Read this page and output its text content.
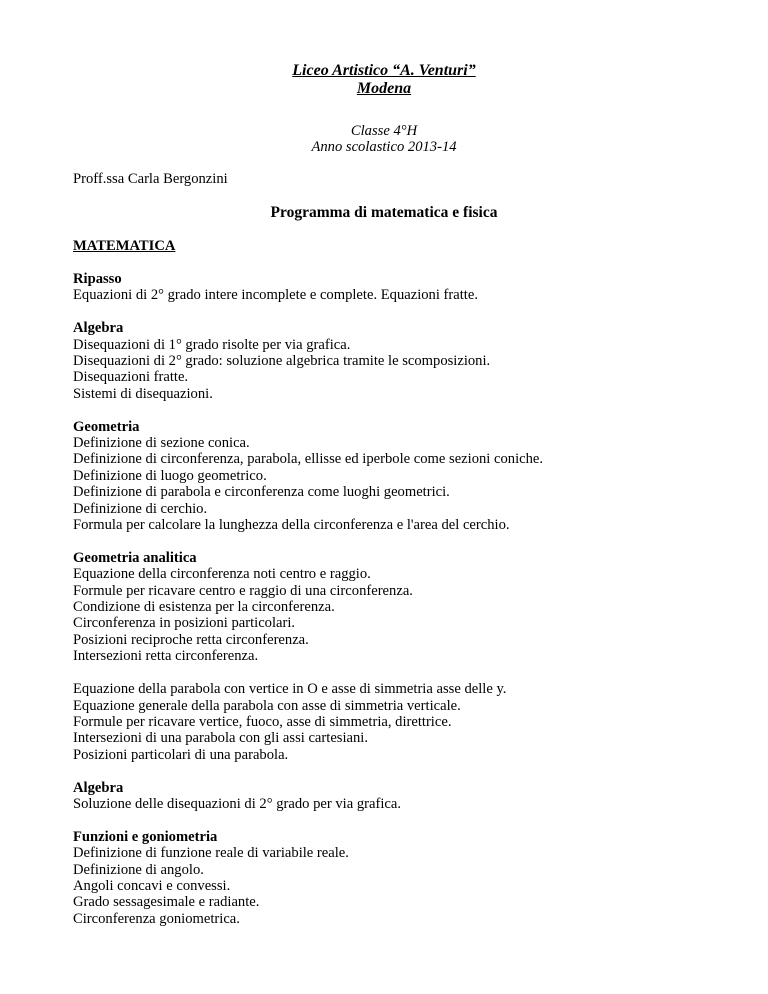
Liceo Artistico “A. Venturi”
Modena
Classe 4°H
Anno scolastico 2013-14
Proff.ssa Carla Bergonzini
Programma di matematica e fisica
MATEMATICA
Ripasso
Equazioni di 2° grado intere incomplete e complete. Equazioni fratte.
Algebra
Disequazioni di 1° grado risolte per via grafica.
Disequazioni di 2° grado: soluzione algebrica tramite le scomposizioni.
Disequazioni fratte.
Sistemi di disequazioni.
Geometria
Definizione di sezione conica.
Definizione di circonferenza, parabola, ellisse ed iperbole come sezioni coniche.
Definizione di luogo geometrico.
Definizione di parabola e circonferenza come luoghi geometrici.
Definizione di cerchio.
Formula per calcolare la lunghezza della circonferenza e l'area del cerchio.
Geometria analitica
Equazione della circonferenza noti centro e raggio.
Formule per ricavare centro e raggio di una circonferenza.
Condizione di esistenza per la circonferenza.
Circonferenza in posizioni particolari.
Posizioni reciproche retta circonferenza.
Intersezioni retta circonferenza.
Equazione della parabola con vertice in O e asse di simmetria asse delle y.
Equazione generale della parabola con asse di simmetria verticale.
Formule per ricavare vertice, fuoco, asse di simmetria, direttrice.
Intersezioni di una parabola con gli assi cartesiani.
Posizioni particolari di una parabola.
Algebra
Soluzione delle disequazioni di 2° grado per via grafica.
Funzioni e goniometria
Definizione di funzione reale di variabile reale.
Definizione di angolo.
Angoli concavi e convessi.
Grado sessagesimale e radiante.
Circonferenza goniometrica.
